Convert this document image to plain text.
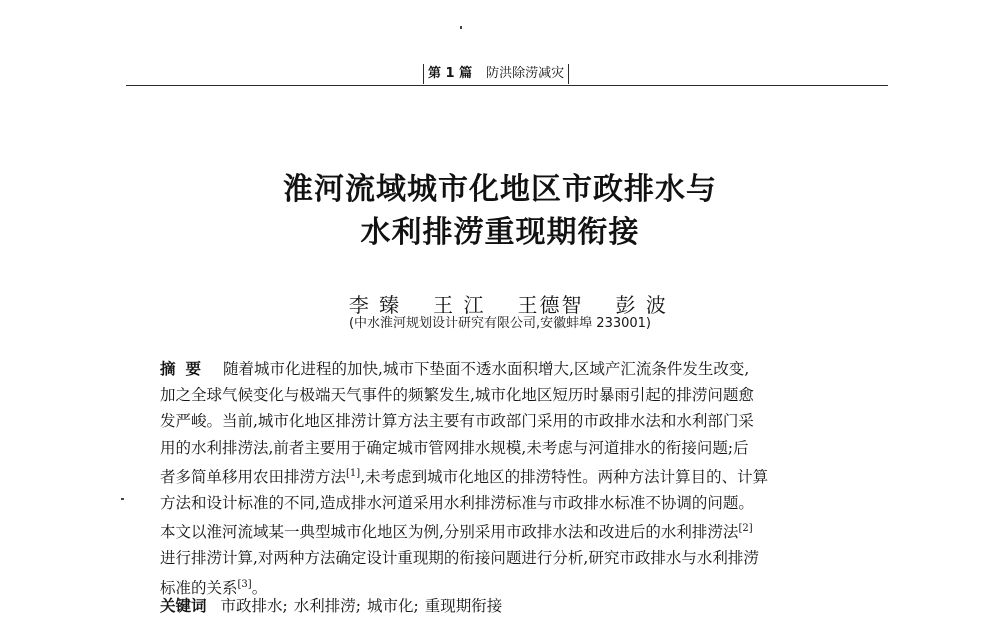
第 1 篇 防洪除涝减灾
淮河流域城市化地区市政排水与
水利排涝重现期衔接

李 臻 王 江 王德智 彭 波

(中水淮河规划设计研究有限公司,安徽蚌埠 233001)
摘要 随着城市化进程的加快,城市下垫面不透水面积增大,区域产汇流条件发生改变,
加之全球气候变化与极端天气事件的频繁发生,城市化地区短历时暴雨引起的排涝问题愈
发严峻。当前,城市化地区排涝计算方法主要有市政部门采用的市政排水法和水利部门采
用的水利排涝法,前者主要用于确定城市管网排水规模,未考虑与河道排水的衔接问题;后
者多简单移用农田排涝方法[1],未考虑到城市化地区的排涝特性。两种方法计算目的、计算
方法和设计标准的不同,造成排水河道采用水利排涝标准与市政排水标准不协调的问题。
本文以淮河流域某一典型城市化地区为例,分别采用市政排水法和改进后的水利排涝法[2]
进行排涝计算,对两种方法确定设计重现期的衔接问题进行分析,研究市政排水与水利排涝
标准的关系[3]。
关键词 市政排水; 水利排涝; 城市化; 重现期衔接
